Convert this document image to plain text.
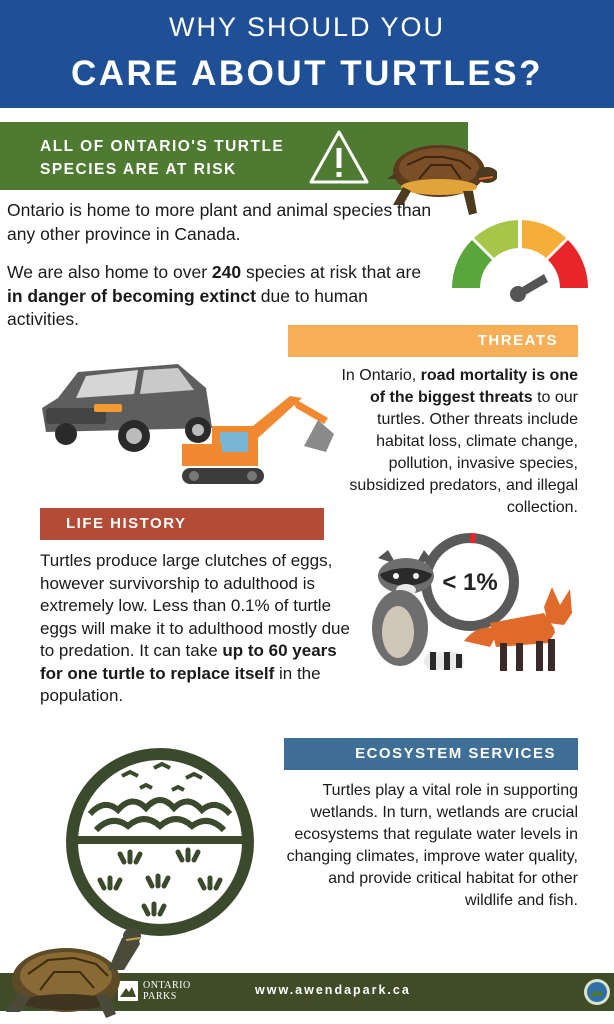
WHY SHOULD YOU
CARE ABOUT TURTLES?
ALL OF ONTARIO'S TURTLE SPECIES ARE AT RISK
Ontario is home to more plant and animal species than any other province in Canada.
We are also home to over 240 species at risk that are in danger of becoming extinct due to human activities.
THREATS
In Ontario, road mortality is one of the biggest threats to our turtles. Other threats include habitat loss, climate change, pollution, invasive species, subsidized predators, and illegal collection.
LIFE HISTORY
Turtles produce large clutches of eggs, however survivorship to adulthood is extremely low. Less than 0.1% of turtle eggs will make it to adulthood mostly due to predation. It can take up to 60 years for one turtle to replace itself in the population.
< 1%
ECOSYSTEM SERVICES
Turtles play a vital role in supporting wetlands. In turn, wetlands are crucial ecosystems that regulate water levels in changing climates, improve water quality, and provide critical habitat for other wildlife and fish.
ONTARIO
PARKS	www.awendapark.ca
